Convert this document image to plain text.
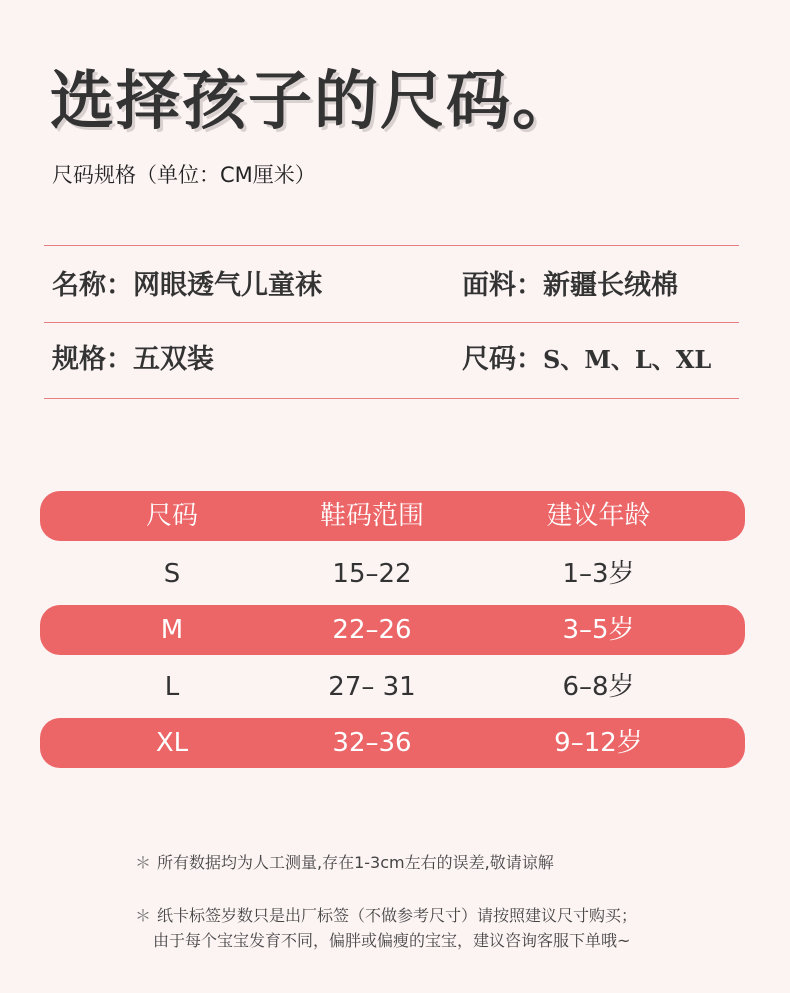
选择孩子的尺码。
尺码规格（单位：CM厘米）
名称：网眼透气儿童袜	面料：新疆长绒棉
规格：五双装	尺码：S、M、L、XL
尺码	鞋码范围	建议年龄
S	15–22	1–3岁
M	22–26	3–5岁
L	27– 31	6–8岁
XL	32–36	9–12岁
＊ 所有数据均为人工测量,存在1-3cm左右的误差,敬请谅解
＊ 纸卡标签岁数只是出厂标签（不做参考尺寸）请按照建议尺寸购买；
由于每个宝宝发育不同，偏胖或偏瘦的宝宝，建议咨询客服下单哦~
